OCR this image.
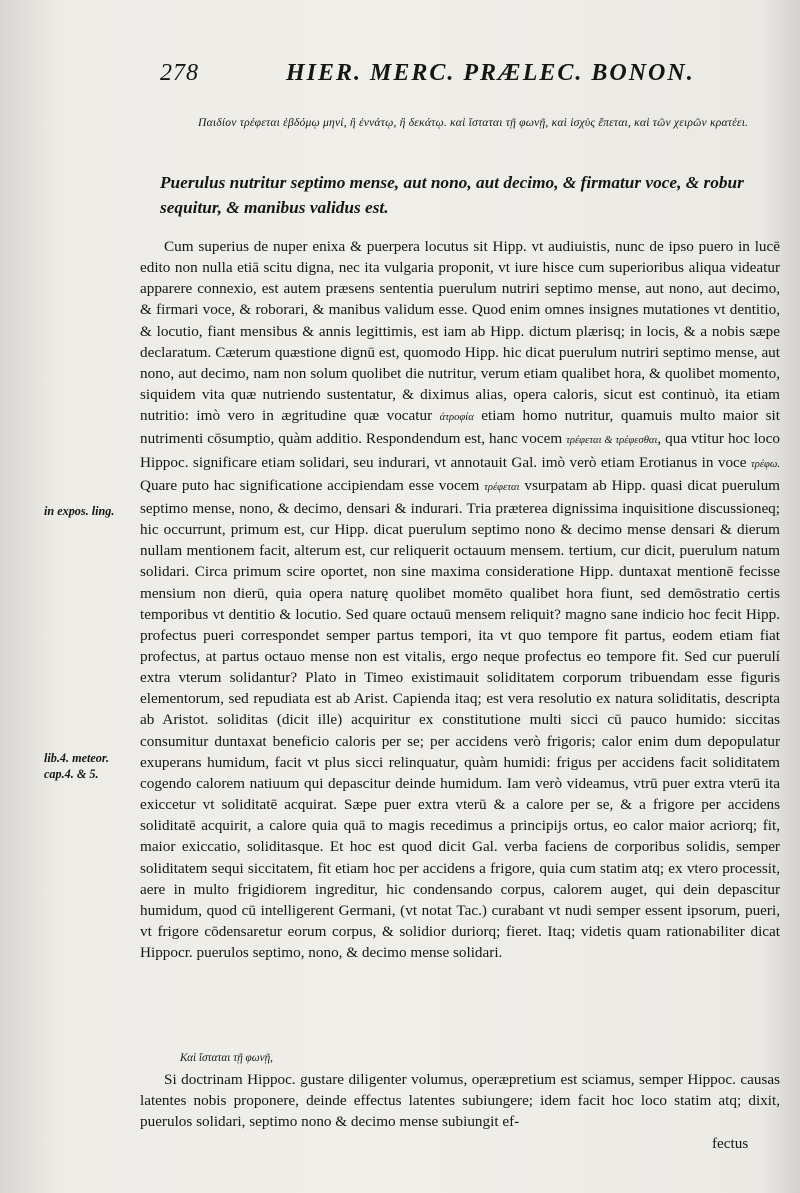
278	HIER. MERC. PRÆLEC. BONON.
Παιδίον τρέφεται ἑβδόμῳ μηνί, ἢ ἐννάτῳ, ἢ δεκάτῳ. καὶ ἵσταται τῇ φωνῇ, καὶ ἰσχὺς ἔπεται, καὶ τῶν χειρῶν κρατέει.
Puerulus nutritur septimo mense, aut nono, aut decimo, & firmatur voce, & robur sequitur, & manibus validus est.
Cum superius de nuper enixa & puerpera locutus sit Hipp. vt audiuistis, nunc de ipso puero in lucē edito non nulla etiā scitu digna, nec ita vulgaria proponit, vt iure hisce cum superioribus aliqua videatur apparere connexio, est autem præsens sententia puerulum nutriri septimo mense, aut nono, aut decimo, & firmari voce, & roborari, & manibus validum esse. Quod enim omnes insignes mutationes vt dentitio, & locutio, fiant mensibus & annis legittimis, est iam ab Hipp. dictum plærisq; in locis, & a nobis sæpe declaratum. Cæterum quæstione dignū est, quomodo Hipp. hic dicat puerulum nutriri septimo mense, aut nono, aut decimo, nam non solum quolibet die nutritur, verum etiam qualibet hora, & quolibet momento, siquidem vita quæ nutriendo sustentatur, & diximus alias, opera caloris, sicut est continuò, ita etiam nutritio: imò vero in ægritudine quæ vocatur ἀτροφία etiam homo nutritur, quamuis multo maior sit nutrimenti cōsumptio, quàm additio. Respondendum est, hanc vocem τρέφεται & τρέφεσθαι, qua vtitur hoc loco Hippoc. significare etiam solidari, seu indurari, vt annotauit Gal. imò verò etiam Erotianus in voce τρέφω. Quare puto hac significatione accipiendam esse vocem τρέφεται vsurpatam ab Hipp. quasi dicat puerulum septimo mense, nono, & decimo, densari & indurari. Tria præterea dignissima inquisitione discussioneq; hic occurrunt, primum est, cur Hipp. dicat puerulum septimo nono & decimo mense densari & dierum nullam mentionem facit, alterum est, cur reliquerit octauum mensem. tertium, cur dicit, puerulum natum solidari. Circa primum scire oportet, non sine maxima consideratione Hipp. duntaxat mentionē fecisse mensium non dierū, quia opera naturę quolibet momēto qualibet hora fiunt, sed demōstratio certis temporibus vt dentitio & locutio. Sed quare octauū mensem reliquit? magno sane indicio hoc fecit Hipp. profectus pueri correspondet semper partus tempori, ita vt quo tempore fit partus, eodem etiam fiat profectus, at partus octauo mense non est vitalis, ergo neque profectus eo tempore fit. Sed cur puerulí extra vterum solidantur? Plato in Timeo existimauit soliditatem corporum tribuendam esse figuris elementorum, sed repudiata est ab Arist. Capienda itaq; est vera resolutio ex natura soliditatis, descripta ab Aristot. soliditas (dicit ille) acquiritur ex constitutione multi sicci cū pauco humido: siccitas consumitur duntaxat beneficio caloris per se; per accidens verò frigoris; calor enim dum depopulatur exuperans humidum, facit vt plus sicci relinquatur, quàm humidi: frigus per accidens facit soliditatem cogendo calorem natiuum qui depascitur deinde humidum. Iam verò videamus, vtrū puer extra vterū ita exiccetur vt soliditatē acquirat. Sæpe puer extra vterū & a calore per se, & a frigore per accidens soliditatē acquirit, a calore quia quā to magis recedimus a principijs ortus, eo calor maior acriorq; fit, maior exiccatio, soliditasque. Et hoc est quod dicit Gal. verba faciens de corporibus solidis, semper soliditatem sequi siccitatem, fit etiam hoc per accidens a frigore, quia cum statim atq; ex vtero processit, aere in multo frigidiorem ingreditur, hic condensando corpus, calorem auget, qui dein depascitur humidum, quod cū intelligerent Germani, (vt notat Tac.) curabant vt nudi semper essent ipsorum, pueri, vt frigore cōdensaretur eorum corpus, & solidior duriorq; fieret. Itaq; videtis quam rationabiliter dicat Hippocr. puerulos septimo, nono, & decimo mense solidari.
Καὶ ἵσταται τῇ φωνῇ,
Si doctrinam Hippoc. gustare diligenter volumus, operæpretium est sciamus, semper Hippoc. causas latentes nobis proponere, deinde effectus latentes subiungere; idem facit hoc loco statim atq; dixit, puerulos solidari, septimo nono & decimo mense subiungit ef-
fectus
in expos. ling.
lib.4. meteor. cap.4. & 5.
